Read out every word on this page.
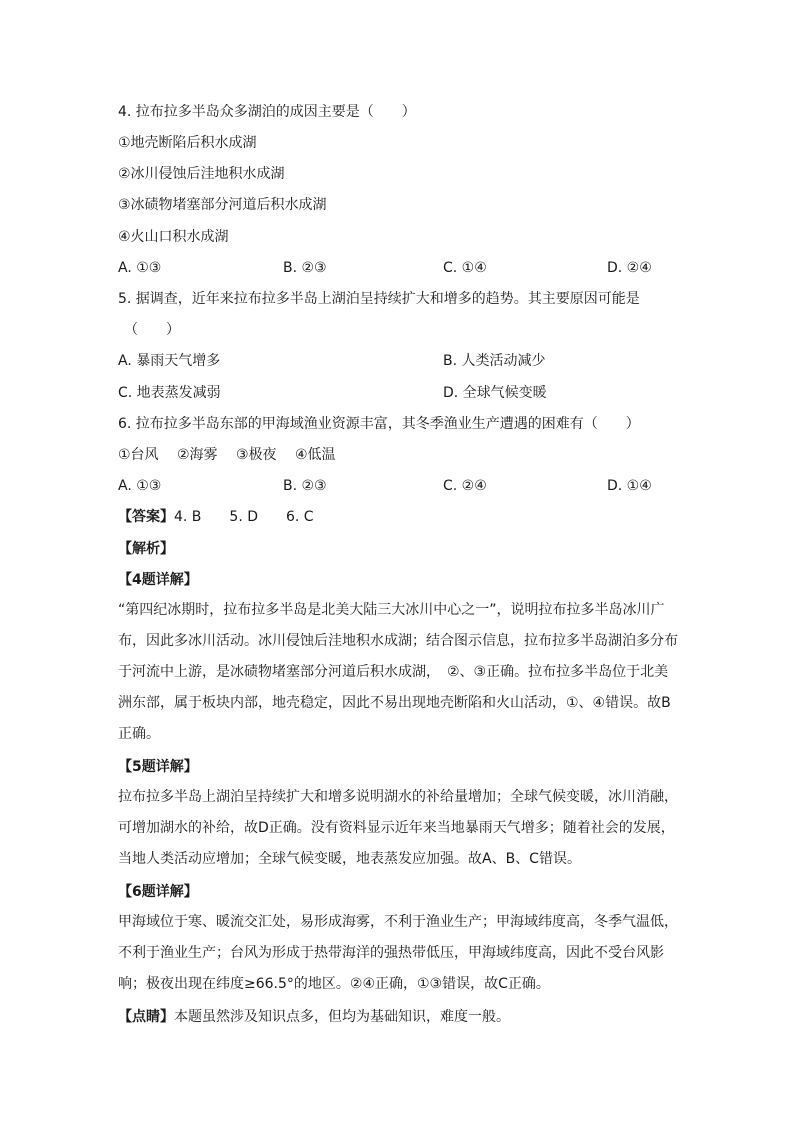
4. 拉布拉多半岛众多湖泊的成因主要是（　　）
①地壳断陷后积水成湖
②冰川侵蚀后洼地积水成湖
③冰碛物堵塞部分河道后积水成湖
④火山口积水成湖
A. ①③	B. ②③	C. ①④	D. ②④
5. 据调查，近年来拉布拉多半岛上湖泊呈持续扩大和增多的趋势。其主要原因可能是
（　　）
A. 暴雨天气增多	B. 人类活动减少
C. 地表蒸发减弱	D. 全球气候变暖
6. 拉布拉多半岛东部的甲海域渔业资源丰富，其冬季渔业生产遭遇的困难有（　　）
①台风　 ②海雾　 ③极夜　 ④低温
A. ①③	B. ②③	C. ②④	D. ①④
【答案】4. B　　5. D　　6. C
【解析】
【4题详解】
“第四纪冰期时，拉布拉多半岛是北美大陆三大冰川中心之一”，说明拉布拉多半岛冰川广布，因此多冰川活动。冰川侵蚀后洼地积水成湖；结合图示信息，拉布拉多半岛湖泊多分布于河流中上游，是冰碛物堵塞部分河道后积水成湖，　②、③正确。拉布拉多半岛位于北美洲东部，属于板块内部，地壳稳定，因此不易出现地壳断陷和火山活动，①、④错误。故B正确。
【5题详解】
拉布拉多半岛上湖泊呈持续扩大和增多说明湖水的补给量增加；全球气候变暖，冰川消融，可增加湖水的补给，故D正确。没有资料显示近年来当地暴雨天气增多；随着社会的发展，当地人类活动应增加；全球气候变暖，地表蒸发应加强。故A、B、C错误。
【6题详解】
甲海域位于寒、暖流交汇处，易形成海雾，不利于渔业生产；甲海域纬度高，冬季气温低，不利于渔业生产；台风为形成于热带海洋的强热带低压，甲海域纬度高，因此不受台风影响；极夜出现在纬度≥66.5°的地区。②④正确，①③错误，故C正确。
【点睛】本题虽然涉及知识点多，但均为基础知识，难度一般。
